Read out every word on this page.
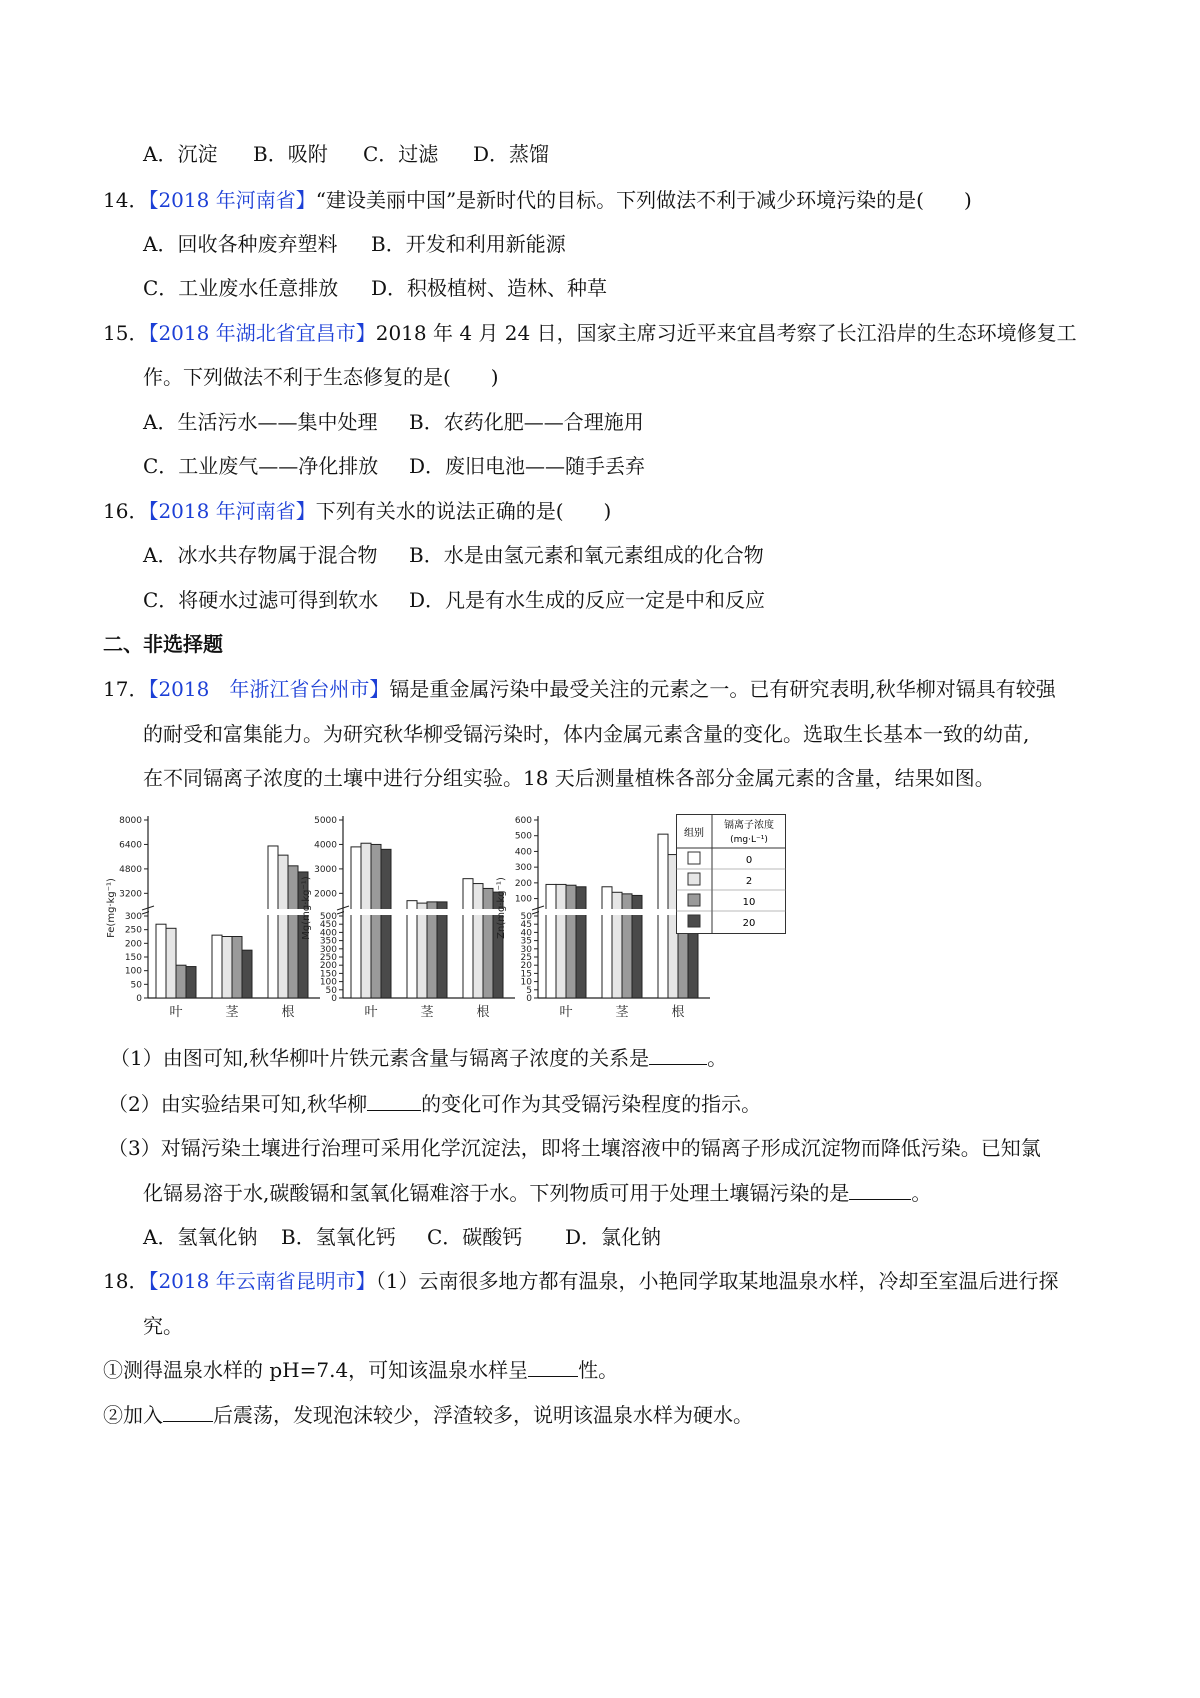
A．沉淀 B．吸附 C．过滤 D．蒸馏
14．【2018 年河南省】“建设美丽中国”是新时代的目标。下列做法不利于减少环境污染的是(　　)
A．回收各种废弃塑料 B．开发和利用新能源
C．工业废水任意排放 D．积极植树、造林、种草
15．【2018 年湖北省宜昌市】2018 年 4 月 24 日，国家主席习近平来宜昌考察了长江沿岸的生态环境修复工
作。下列做法不利于生态修复的是(　　)
A．生活污水——集中处理 B．农药化肥——合理施用
C．工业废气——净化排放 D．废旧电池——随手丢弃
16．【2018 年河南省】下列有关水的说法正确的是(　　)
A．冰水共存物属于混合物 B．水是由氢元素和氧元素组成的化合物
C．将硬水过滤可得到软水 D．凡是有水生成的反应一定是中和反应
二、非选择题
17．【2018　年浙江省台州市】镉是重金属污染中最受关注的元素之一。已有研究表明,秋华柳对镉具有较强
的耐受和富集能力。为研究秋华柳受镉污染时，体内金属元素含量的变化。选取生长基本一致的幼苗,
在不同镉离子浓度的土壤中进行分组实验。18 天后测量植株各部分金属元素的含量，结果如图。
0
50
100
150
200
250
300
3200
4800
6400
8000
Fe(mg·kg⁻¹)
叶	茎	根
0
50
100
150
200
250
300
350
400
450
500
2000
3000
4000
5000
Mg(mg·kg⁻¹)
叶	茎	根
0
5
10
15
20
25
30
35
40
45
50
100
200
300
400
500
600
Zn(mg·kg⁻¹)
叶	茎	根
组别
镉离子浓度
(mg·L⁻¹)
0
2
10
20
（1）由图可知,秋华柳叶片铁元素含量与镉离子浓度的关系是	。
（2）由实验结果可知,秋华柳	的变化可作为其受镉污染程度的指示。
（3）对镉污染土壤进行治理可采用化学沉淀法，即将土壤溶液中的镉离子形成沉淀物而降低污染。已知氯
化镉易溶于水,碳酸镉和氢氧化镉难溶于水。下列物质可用于处理土壤镉污染的是	。
A．氢氧化钠 B．氢氧化钙 C．碳酸钙 D．氯化钠
18．【2018 年云南省昆明市】（1）云南很多地方都有温泉，小艳同学取某地温泉水样，冷却至室温后进行探
究。
①测得温泉水样的 pH=7.4，可知该温泉水样呈	性。
②加入	后震荡，发现泡沫较少，浮渣较多，说明该温泉水样为硬水。
